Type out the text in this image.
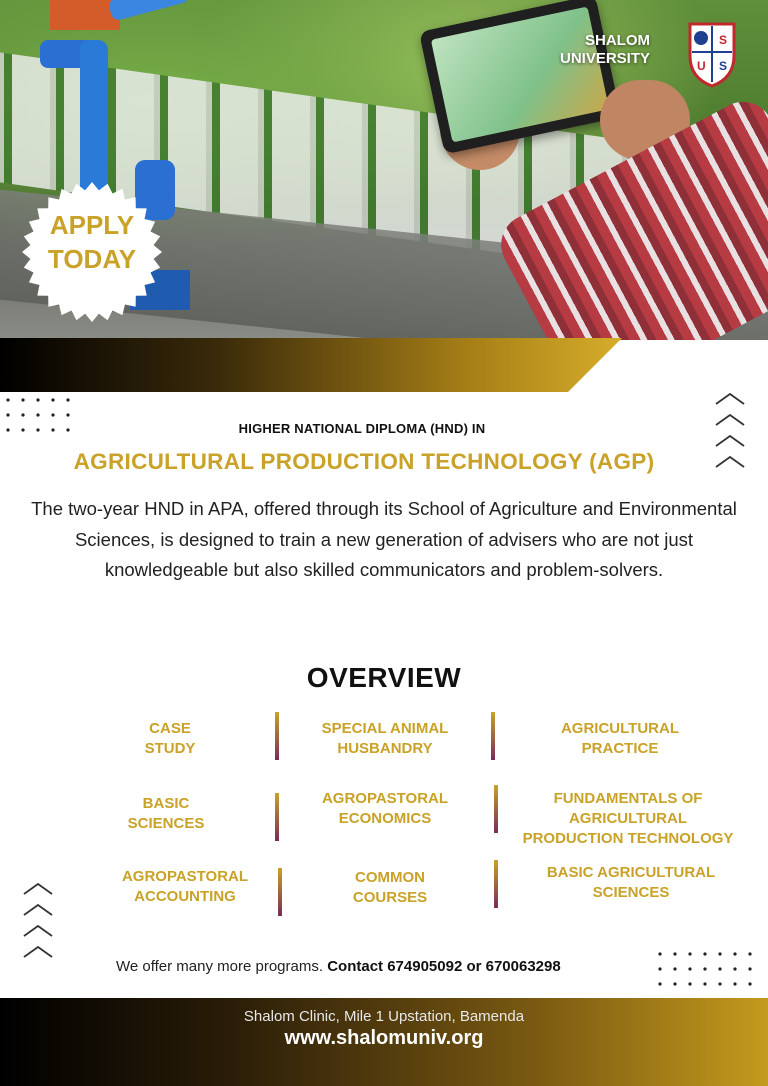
SHALOM
UNIVERSITY
S
U S
APPLY
TODAY
HIGHER NATIONAL DIPLOMA (HND) IN
AGRICULTURAL PRODUCTION TECHNOLOGY (AGP)
The two-year HND in APA, offered through its School of Agriculture and Environmental Sciences, is designed to train a new generation of advisers who are not just knowledgeable but also skilled communicators and problem-solvers.
OVERVIEW
CASE
STUDY
SPECIAL ANIMAL
HUSBANDRY
AGRICULTURAL
PRACTICE
BASIC
SCIENCES
AGROPASTORAL
ECONOMICS
FUNDAMENTALS OF
AGRICULTURAL
PRODUCTION TECHNOLOGY
AGROPASTORAL
ACCOUNTING
COMMON
COURSES
BASIC AGRICULTURAL
SCIENCES
We offer many more programs. Contact 674905092 or 670063298
Shalom Clinic, Mile 1 Upstation, Bamenda
www.shalomuniv.org
